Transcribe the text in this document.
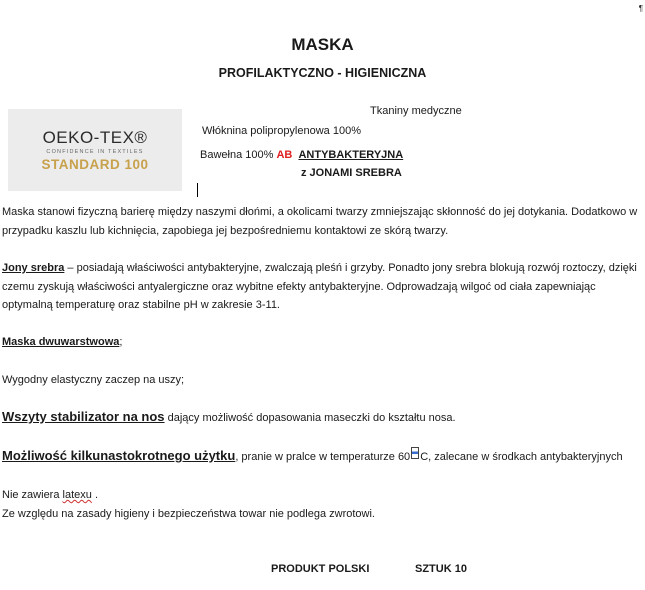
¶
MASKA
PROFILAKTYCZNO - HIGIENICZNA
OEKO-TEX®
CONFIDENCE IN TEXTILES
STANDARD 100
Tkaniny medyczne
Włóknina polipropylenowa 100%
Bawełna 100% AB ANTYBAKTERYJNA
z JONAMI SREBRA
Maska stanowi fizyczną barierę między naszymi dłońmi, a okolicami twarzy zmniejszając skłonność do jej dotykania. Dodatkowo w przypadku kaszlu lub kichnięcia, zapobiega jej bezpośredniemu kontaktowi ze skórą twarzy.
Jony srebra – posiadają właściwości antybakteryjne, zwalczają pleśń i grzyby. Ponadto jony srebra blokują rozwój roztoczy, dzięki czemu zyskują właściwości antyalergiczne oraz wybitne efekty antybakteryjne. Odprowadzają wilgoć od ciała zapewniając optymalną temperaturę oraz stabilne pH w zakresie 3-11.
Maska dwuwarstwowa;
Wygodny elastyczny zaczep na uszy;
Wszyty stabilizator na nos dający możliwość dopasowania maseczki do kształtu nosa.
Możliwość kilkunastokrotnego użytku, pranie w pralce w temperaturze 60 C, zalecane w środkach antybakteryjnych
Nie zawiera latexu .
Ze względu na zasady higieny i bezpieczeństwa towar nie podlega zwrotowi.
PRODUKT POLSKI	SZTUK 10
